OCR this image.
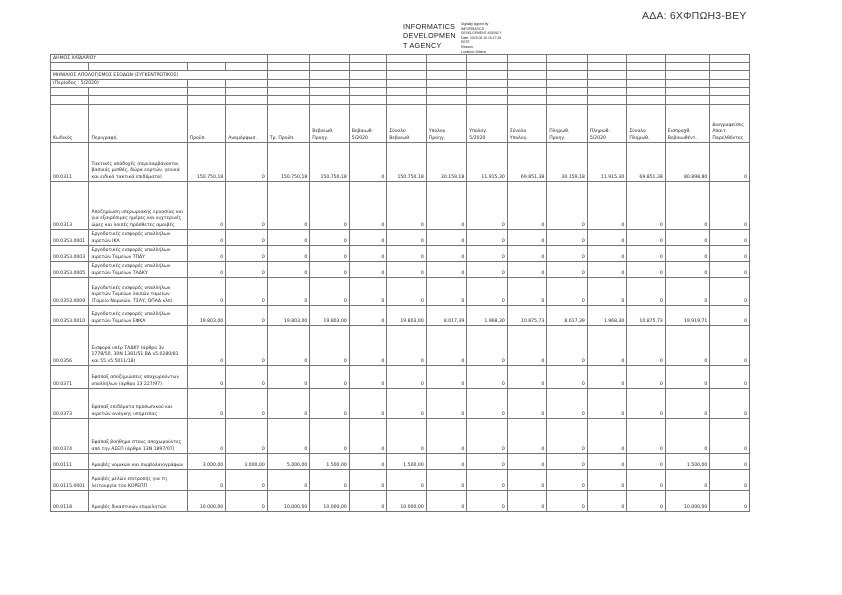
ΑΔΑ: 6ΧΦΠΩΗ3-ΒΕΥ
INFORMATICS
DEVELOPMEN
T AGENCY
Digitally signed by
INFORMATICS
DEVELOPMENT AGENCY
Date: 2020.06.15 15:17:26
EEST
Reason:
Location: Athens
ΔΗΜΟΣ ΧΑΪΔΑΡΙΟΥ															

ΜΗΝΙΑΙΟΣ ΑΠΟΛΟΓΙΣΜΟΣ ΕΣΟΔΩΝ (ΣΥΓΚΕΝΤΡΩΤΙΚΟΣ)															
(Περίοδος : 5/2020)															

Κωδικός	Περιγραφή	Προϋπ.	Αναμόρφωσ.	Τρ. Προϋπ.	Βεβαιωθ. Προηγ.	Βεβαιωθ. 5/2020	Σύνολο Βεβαιωθ.	Υπολογ. Προηγ.	Υπολογ. 5/2020	Σύνολο Υπολογ.	Πληρωθ. Προηγ.	Πληρωθ. 5/2020	Σύνολο Πληρωθ.	Εισπραχθ. Βεβαιωθέντ.	Διαγραφείσες Απαιτ. Παρελθόντος
00.0311	Τακτικές αποδοχές (περιλαμβάνονται βασικός μισθός, δώρα εορτών, γενικά και ειδικά τακτικά επιδόματα)	150.750,18	0	150.750,18	150.750,18	0	150.750,18	30.159,18	11.915,30	69.851,38	30.159,18	11.915,30	69.851,38	80.898,80	0
00.0313	Αποζημίωση υπερωριακής εργασίας και για εξαιρέσιμες ημέρες και νυχτερινές ώρες και λοιπές πρόσθετες αμοιβές	0	0	0	0	0	0	0	0	0	0	0	0	0	0
00.0353.0001	Εργοδοτικές εισφορές υπαλλήλων αιρετών ΙΚΑ	0	0	0	0	0	0	0	0	0	0	0	0	0	0
00.0353.0003	Εργοδοτικές εισφορές υπαλλήλων αιρετών Ταμείων ΤΠΔΥ	0	0	0	0	0	0	0	0	0	0	0	0	0	0
00.0353.0005	Εργοδοτικές εισφορές υπαλλήλων αιρετών Ταμείων ΤΑΔΚΥ	0	0	0	0	0	0	0	0	0	0	0	0	0	0
00.0353.0009	Εργοδοτικές εισφορές υπαλλήλων αιρετών Ταμείων λοιπών ταμείων (Ταμείο Νομικών, ΤΣΑΥ, ΟΠΑΔ κλπ)	0	0	0	0	0	0	0	0	0	0	0	0	0	0
00.0353.0010	Εργοδοτικές εισφορές υπαλλήλων αιρετών Ταμείων ΕΦΚΑ	19.803,00	0	19.803,00	19.803,00	0	19.803,00	8.017,39	1.968,30	10.875,73	8.017,39	1.968,30	10.875,73	19.919,71	0
00.0356	Εισφορά υπέρ ΤΑΔΚΥ (άρθρο 3ν 1778/50, 30Ν 1381/51 ΒΔ ν5.0280/81 και 55 ν5.5011/18)	0	0	0	0	0	0	0	0	0	0	0	0	0	0
00.0371	Εφάπαξ αποζημιώσεις αποχωρούντων υπαλλήλων (άρθρο 13 227/97)	0	0	0	0	0	0	0	0	0	0	0	0	0	0
00.0373	Εφάπαξ επιδόματα προσωπικού και αιρετών ανάγκης υπηρεσίας	0	0	0	0	0	0	0	0	0	0	0	0	0	0
00.0374	Εφάπαξ βοήθημα στους αποχωρούντες από την ΑΣΕΠ (άρθρο 13Ν 1897/07)	0	0	0	0	0	0	0	0	0	0	0	0	0	0
00.0111	Αμοιβές νομικών και συμβολαιογράφων	3.000,00	3.000,00	5.000,00	1.500,00	0	1.500,00	0	0	0	0	0	0	1.500,00	0
00.0115.0001	Αμοιβές μελών επιτροπής για τη λειτουργία του ΚΟΡΕΠΠ	0	0	0	0	0	0	0	0	0	0	0	0	0	0
00.0118	Αμοιβές δικαστικών επιμελητών	10.000,00	0	10.000,00	10.000,00	0	10.000,00	0	0	0	0	0	0	10.000,00	0
